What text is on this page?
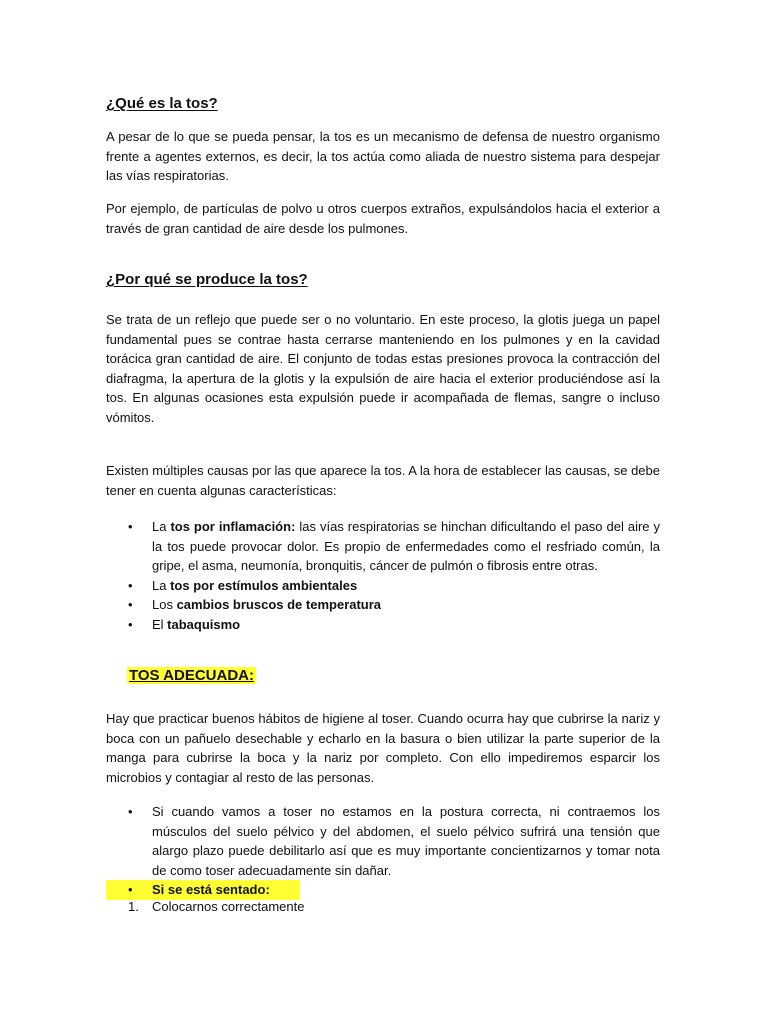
¿Qué es la tos?

A pesar de lo que se pueda pensar, la tos es un mecanismo de defensa de nuestro organismo frente a agentes externos, es decir, la tos actúa como aliada de nuestro sistema para despejar las vías respiratorias.

Por ejemplo, de partículas de polvo u otros cuerpos extraños, expulsándolos hacia el exterior a través de gran cantidad de aire desde los pulmones.

¿Por qué se produce la tos?

Se trata de un reflejo que puede ser o no voluntario. En este proceso, la glotis juega un papel fundamental pues se contrae hasta cerrarse manteniendo en los pulmones y en la cavidad torácica gran cantidad de aire. El conjunto de todas estas presiones provoca la contracción del diafragma, la apertura de la glotis y la expulsión de aire hacia el exterior produciéndose así la tos. En algunas ocasiones esta expulsión puede ir acompañada de flemas, sangre o incluso vómitos.

Existen múltiples causas por las que aparece la tos. A la hora de establecer las causas, se debe tener en cuenta algunas características:

• La tos por inflamación: las vías respiratorias se hinchan dificultando el paso del aire y la tos puede provocar dolor. Es propio de enfermedades como el resfriado común, la gripe, el asma, neumonía, bronquitis, cáncer de pulmón o fibrosis entre otras.
• La tos por estímulos ambientales
• Los cambios bruscos de temperatura
• El tabaquismo
TOS ADECUADA:

Hay que practicar buenos hábitos de higiene al toser. Cuando ocurra hay que cubrirse la nariz y boca con un pañuelo desechable y echarlo en la basura o bien utilizar la parte superior de la manga para cubrirse la boca y la nariz por completo. Con ello impediremos esparcir los microbios y contagiar al resto de las personas.

• Si cuando vamos a toser no estamos en la postura correcta, ni contraemos los músculos del suelo pélvico y del abdomen, el suelo pélvico sufrirá una tensión que alargo plazo puede debilitarlo así que es muy importante concientizarnos y tomar nota de como toser adecuadamente sin dañar.
• Si se está sentado:
1. Colocarnos correctamente
